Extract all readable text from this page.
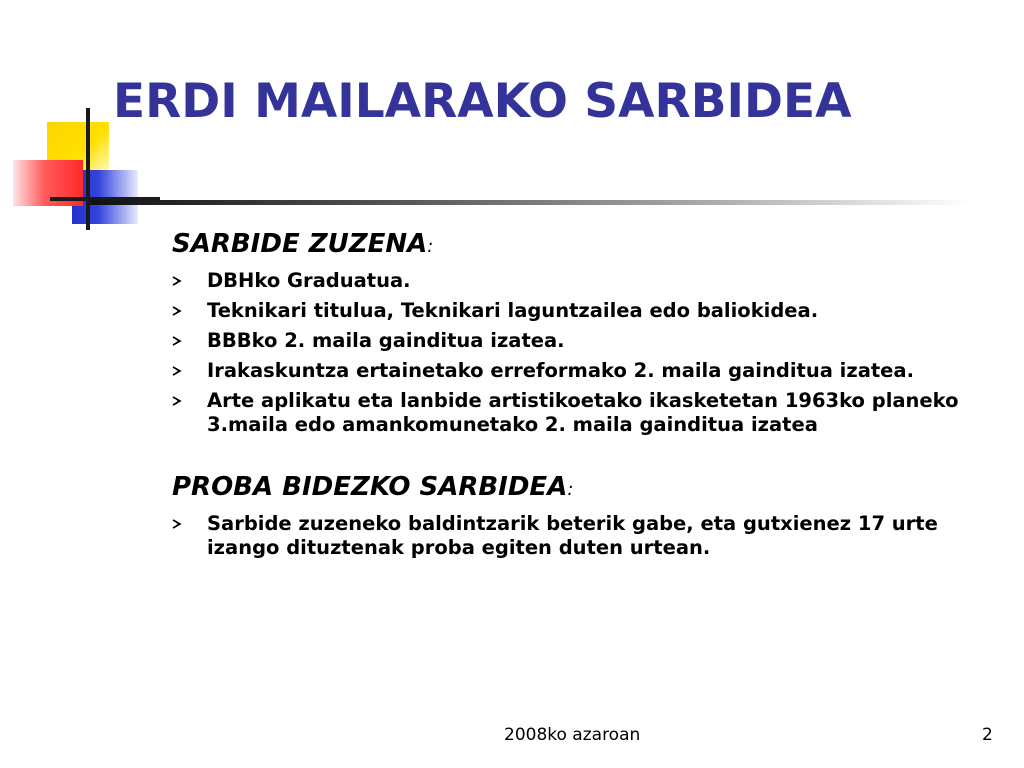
ERDI MAILARAKO SARBIDEA
SARBIDE ZUZENA:
DBHko Graduatua.
Teknikari titulua, Teknikari laguntzailea edo baliokidea.
BBBko 2. maila gainditua izatea.
Irakaskuntza ertainetako erreformako 2. maila gainditua izatea.
Arte aplikatu eta lanbide artistikoetako ikasketetan 1963ko planeko 3.maila edo amankomunetako 2. maila gainditua izatea
PROBA BIDEZKO SARBIDEA:
Sarbide zuzeneko baldintzarik beterik gabe, eta gutxienez 17 urte izango dituztenak proba egiten duten urtean.
2008ko azaroan	2
